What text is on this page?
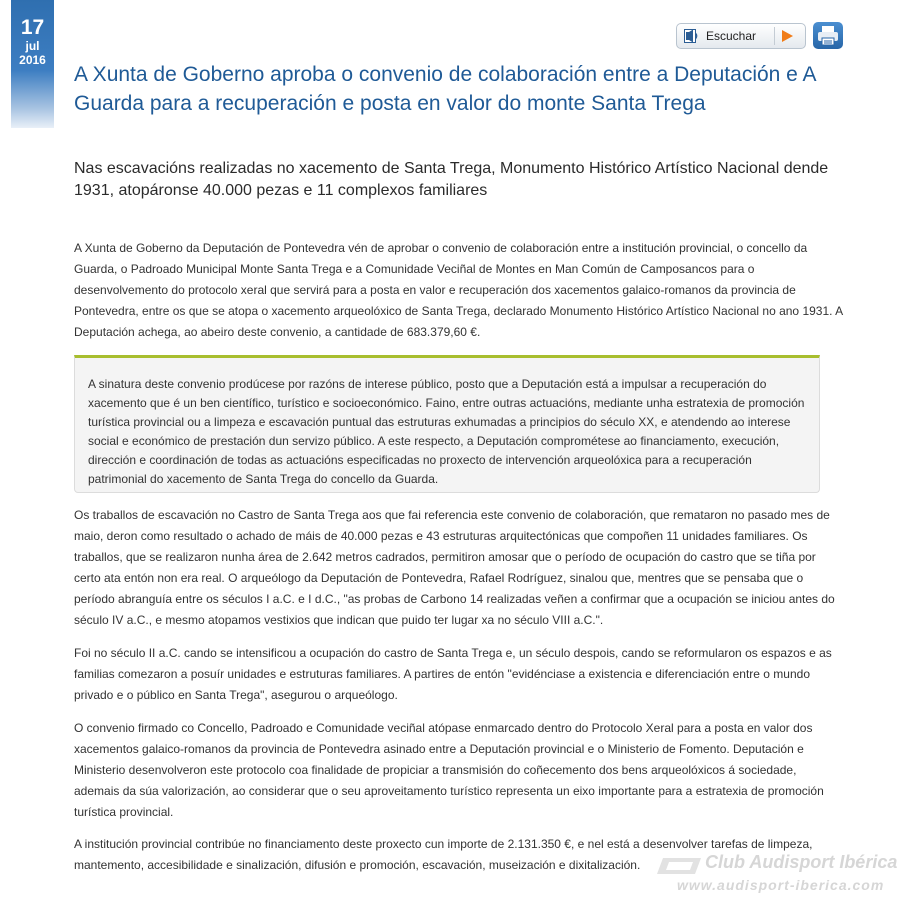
17
jul
2016
Escuchar
A Xunta de Goberno aproba o convenio de colaboración entre a Deputación e A Guarda para a recuperación e posta en valor do monte Santa Trega
Nas escavacións realizadas no xacemento de Santa Trega, Monumento Histórico Artístico Nacional dende 1931, atopáronse 40.000 pezas e 11 complexos familiares

A Xunta de Goberno da Deputación de Pontevedra vén de aprobar o convenio de colaboración entre a institución provincial, o concello da Guarda, o Padroado Municipal Monte Santa Trega e a Comunidade Veciñal de Montes en Man Común de Camposancos para o desenvolvemento do protocolo xeral que servirá para a posta en valor e recuperación dos xacementos galaico-romanos da provincia de Pontevedra, entre os que se atopa o xacemento arqueolóxico de Santa Trega, declarado Monumento Histórico Artístico Nacional no ano 1931. A Deputación achega, ao abeiro deste convenio, a cantidade de 683.379,60 €.

A sinatura deste convenio prodúcese por razóns de interese público, posto que a Deputación está a impulsar a recuperación do xacemento que é un ben científico, turístico e socioeconómico. Faino, entre outras actuacións, mediante unha estratexia de promoción turística provincial ou a limpeza e escavación puntual das estruturas exhumadas a principios do século XX, e atendendo ao interese social e económico de prestación dun servizo público. A este respecto, a Deputación comprométese ao financiamento, execución, dirección e coordinación de todas as actuacións especificadas no proxecto de intervención arqueolóxica para a recuperación patrimonial do xacemento de Santa Trega do concello da Guarda.

Os traballos de escavación no Castro de Santa Trega aos que fai referencia este convenio de colaboración, que remataron no pasado mes de maio, deron como resultado o achado de máis de 40.000 pezas e 43 estruturas arquitectónicas que compoñen 11 unidades familiares. Os traballos, que se realizaron nunha área de 2.642 metros cadrados, permitiron amosar que o período de ocupación do castro que se tiña por certo ata entón non era real. O arqueólogo da Deputación de Pontevedra, Rafael Rodríguez, sinalou que, mentres que se pensaba que o período abranguía entre os séculos I a.C. e I d.C., "as probas de Carbono 14 realizadas veñen a confirmar que a ocupación se iniciou antes do século IV a.C., e mesmo atopamos vestixios que indican que puido ter lugar xa no século VIII a.C.".

Foi no século II a.C. cando se intensificou a ocupación do castro de Santa Trega e, un século despois, cando se reformularon os espazos e as familias comezaron a posuír unidades e estruturas familiares. A partires de entón "evidénciase a existencia e diferenciación entre o mundo privado e o público en Santa Trega", asegurou o arqueólogo.

O convenio firmado co Concello, Padroado e Comunidade veciñal atópase enmarcado dentro do Protocolo Xeral para a posta en valor dos xacementos galaico-romanos da provincia de Pontevedra asinado entre a Deputación provincial e o Ministerio de Fomento. Deputación e Ministerio desenvolveron este protocolo coa finalidade de propiciar a transmisión do coñecemento dos bens arqueolóxicos á sociedade, ademais da súa valorización, ao considerar que o seu aproveitamento turístico representa un eixo importante para a estratexia de promoción turística provincial.

A institución provincial contribúe no financiamento deste proxecto cun importe de 2.131.350 €, e nel está a desenvolver tarefas de limpeza, mantemento, accesibilidade e sinalización, difusión e promoción, escavación, museización e dixitalización.	Club Audisport Ibérica
www.audisport-iberica.com
